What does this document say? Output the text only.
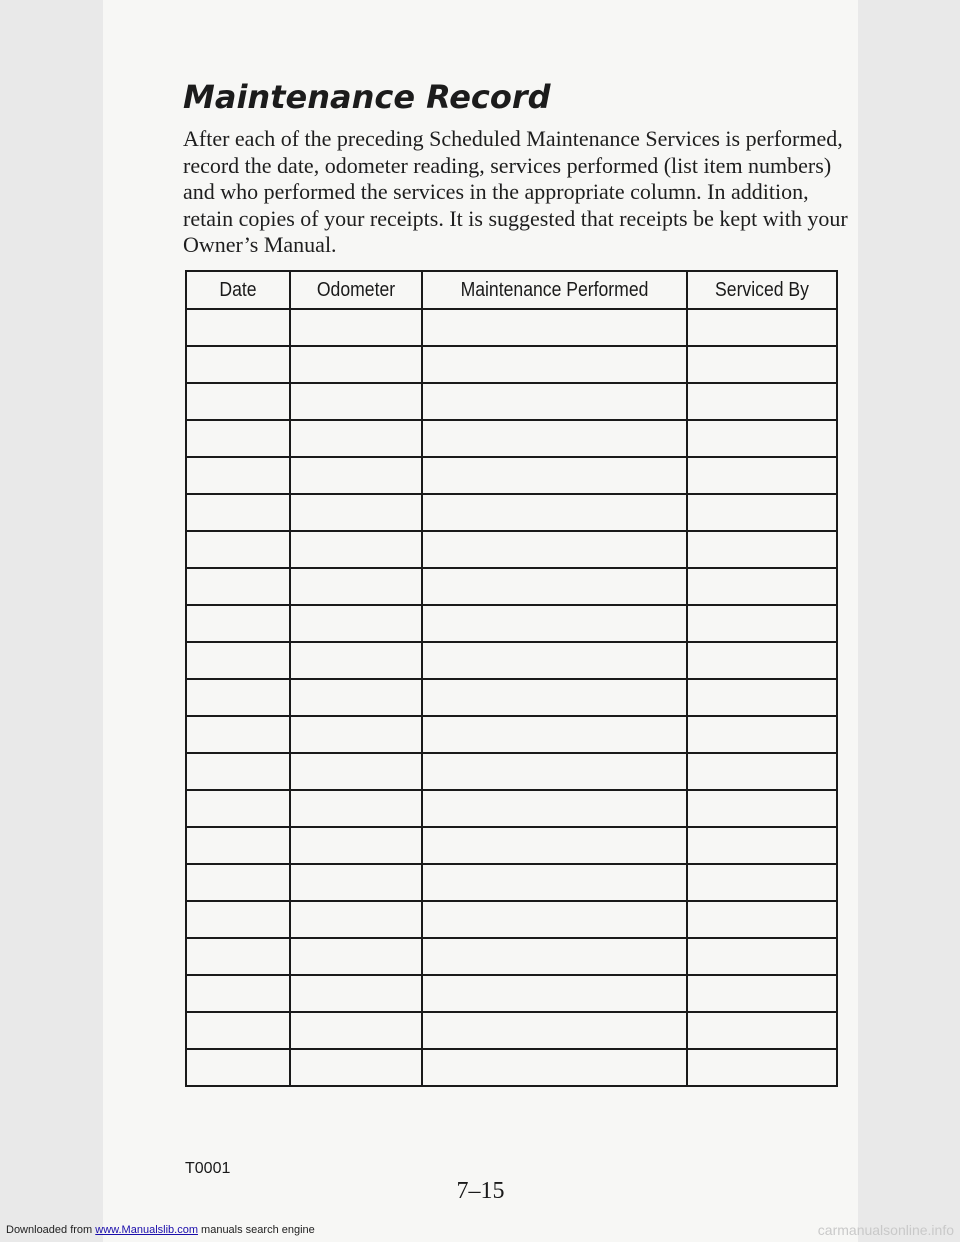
Maintenance Record

After each of the preceding Scheduled Maintenance Services is performed, record the date, odometer reading, services performed (list item numbers) and who performed the services in the appropriate column. In addition, retain copies of your receipts. It is suggested that receipts be kept with your Owner’s Manual.

Date	Odometer	Maintenance Performed	Serviced By

T0001
7–15
Downloaded from www.Manualslib.com manuals search engine	carmanualsonline.info
